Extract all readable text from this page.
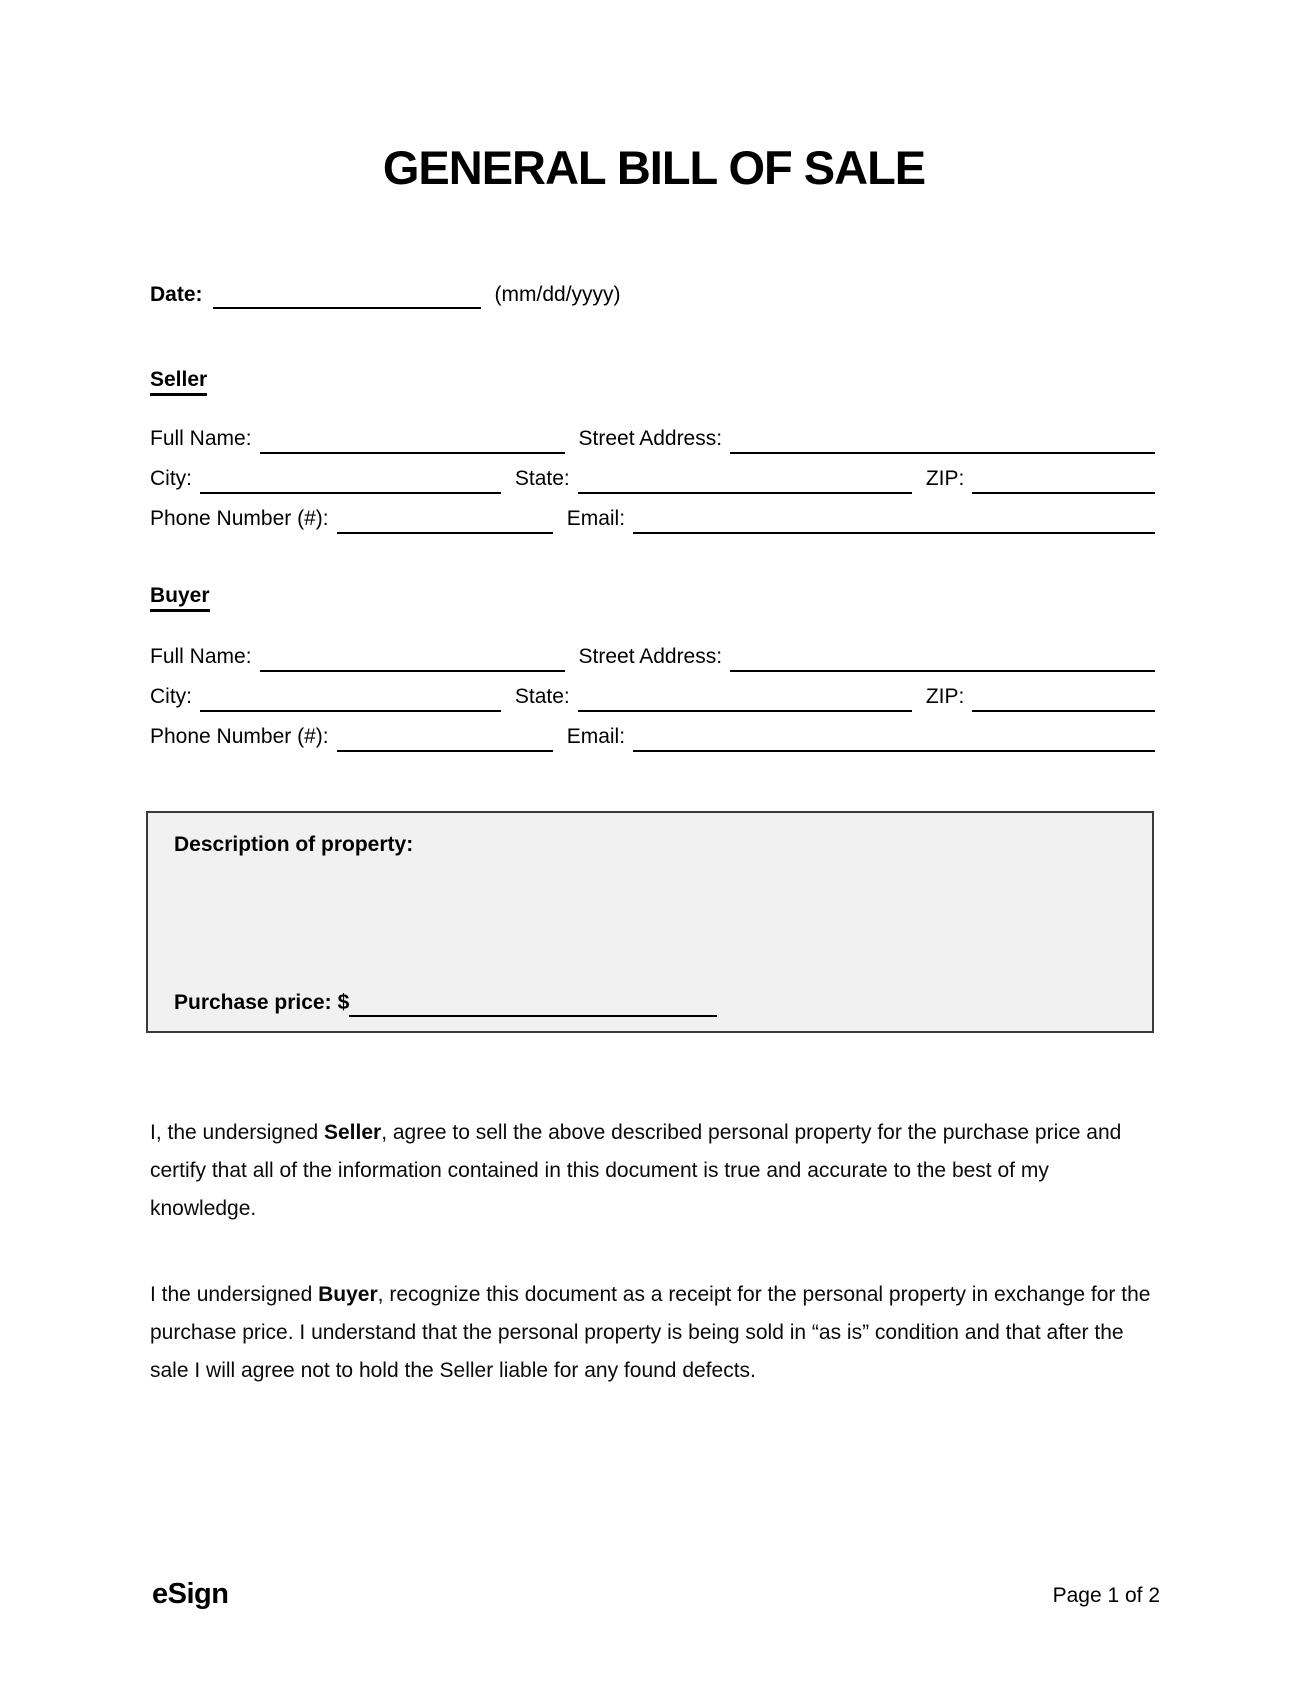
GENERAL BILL OF SALE
Date:	(mm/dd/yyyy)
Seller
Full Name:	Street Address:
City:	State:	ZIP:
Phone Number (#):	Email:
Buyer
Full Name:	Street Address:
City:	State:	ZIP:
Phone Number (#):	Email:
Description of property:
Purchase price: $
I, the undersigned Seller, agree to sell the above described personal property for the purchase price and certify that all of the information contained in this document is true and accurate to the best of my knowledge.
I the undersigned Buyer, recognize this document as a receipt for the personal property in exchange for the purchase price. I understand that the personal property is being sold in “as is” condition and that after the sale I will agree not to hold the Seller liable for any found defects.
eSign	Page 1 of 2
